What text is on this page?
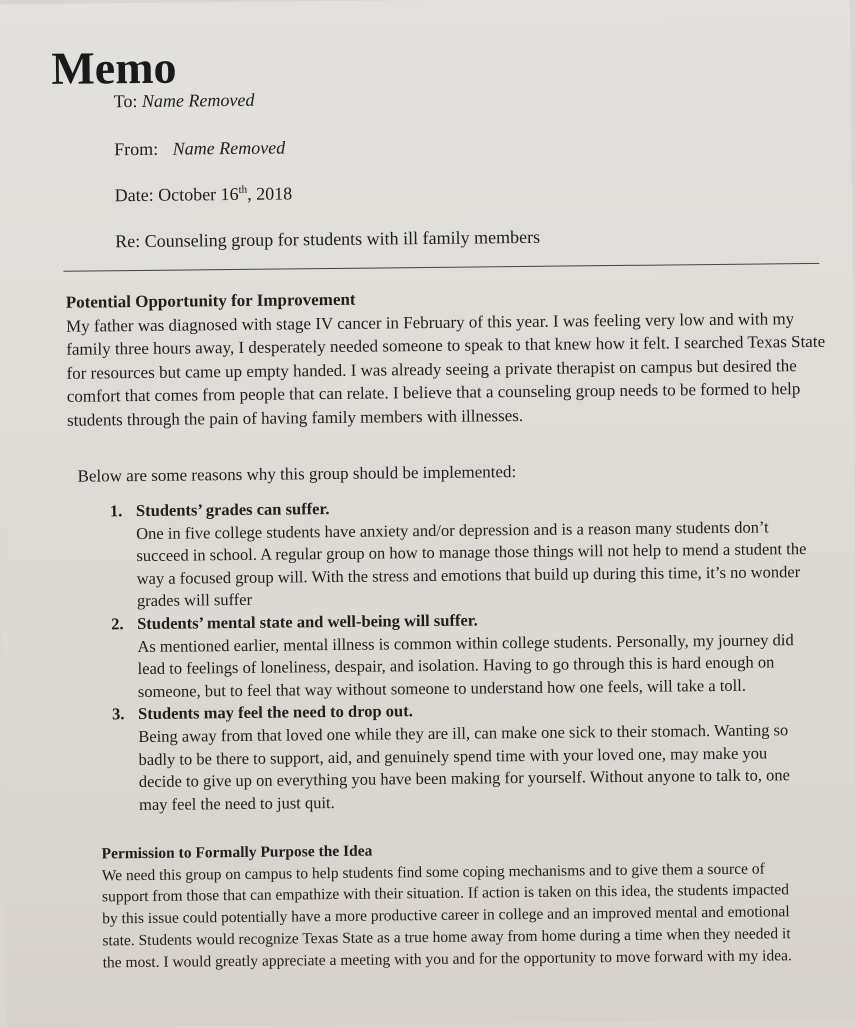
Memo
To: Name Removed
From: Name Removed
Date: October 16th, 2018
Re: Counseling group for students with ill family members
Potential Opportunity for Improvement
My father was diagnosed with stage IV cancer in February of this year. I was feeling very low and with my family three hours away, I desperately needed someone to speak to that knew how it felt. I searched Texas State for resources but came up empty handed. I was already seeing a private therapist on campus but desired the comfort that comes from people that can relate. I believe that a counseling group needs to be formed to help students through the pain of having family members with illnesses.
Below are some reasons why this group should be implemented:
1. Students’ grades can suffer.
One in five college students have anxiety and/or depression and is a reason many students don’t succeed in school. A regular group on how to manage those things will not help to mend a student the way a focused group will. With the stress and emotions that build up during this time, it’s no wonder grades will suffer
2. Students’ mental state and well-being will suffer.
As mentioned earlier, mental illness is common within college students. Personally, my journey did lead to feelings of loneliness, despair, and isolation. Having to go through this is hard enough on someone, but to feel that way without someone to understand how one feels, will take a toll.
3. Students may feel the need to drop out.
Being away from that loved one while they are ill, can make one sick to their stomach. Wanting so badly to be there to support, aid, and genuinely spend time with your loved one, may make you decide to give up on everything you have been making for yourself. Without anyone to talk to, one may feel the need to just quit.
Permission to Formally Purpose the Idea
We need this group on campus to help students find some coping mechanisms and to give them a source of support from those that can empathize with their situation. If action is taken on this idea, the students impacted by this issue could potentially have a more productive career in college and an improved mental and emotional state. Students would recognize Texas State as a true home away from home during a time when they needed it the most. I would greatly appreciate a meeting with you and for the opportunity to move forward with my idea.
